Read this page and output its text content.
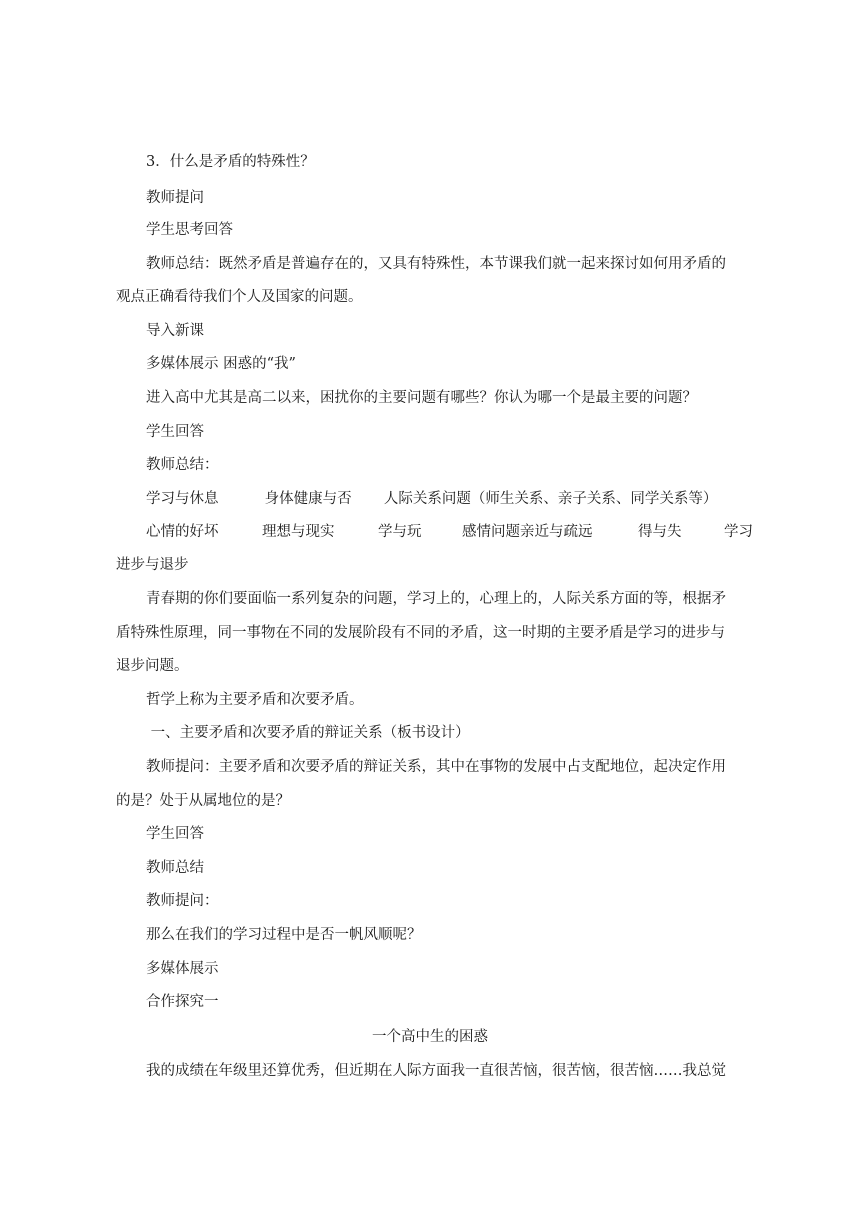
3．什么是矛盾的特殊性？
教师提问
学生思考回答
教师总结：既然矛盾是普遍存在的，又具有特殊性，本节课我们就一起来探讨如何用矛盾的
观点正确看待我们个人及国家的问题。
导入新课
多媒体展示 困惑的“我”
进入高中尤其是高二以来，困扰你的主要问题有哪些？你认为哪一个是最主要的问题？
学生回答
教师总结：
学习与休息          身体健康与否       人际关系问题（师生关系、亲子关系、同学关系等）
心情的好坏	理想与现实	学与玩	感情问题亲近与疏远	得与失	学习
进步与退步
青春期的你们要面临一系列复杂的问题，学习上的，心理上的，人际关系方面的等，根据矛
盾特殊性原理，同一事物在不同的发展阶段有不同的矛盾，这一时期的主要矛盾是学习的进步与
退步问题。
哲学上称为主要矛盾和次要矛盾。
一、主要矛盾和次要矛盾的辩证关系（板书设计）
教师提问：主要矛盾和次要矛盾的辩证关系，其中在事物的发展中占支配地位，起决定作用
的是？处于从属地位的是？
学生回答
教师总结
教师提问：
那么在我们的学习过程中是否一帆风顺呢？
多媒体展示
合作探究一
一个高中生的困惑
我的成绩在年级里还算优秀，但近期在人际方面我一直很苦恼，很苦恼，很苦恼……我总觉
